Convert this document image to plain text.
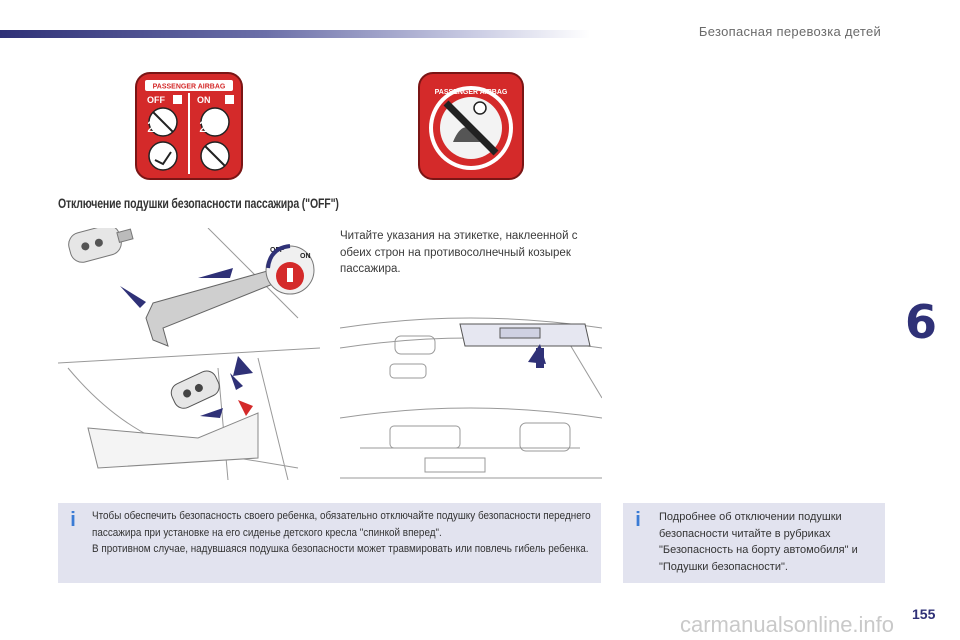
Безопасная перевозка детей
6
PASSENGER AIRBAG
OFF	ON
2	2
PASSENGER AIRBAG
Отключение подушки безопасности пассажира ("OFF")
OFF
ON
Читайте указания на этикетке, наклеенной с обеих строн на противосолнечный козырек пассажира.
i	Чтобы обеспечить безопасность своего ребенка, обязательно отключайте подушку безопасности переднего пассажира при установке на его сиденье детского кресла "спинкой вперед".

В противном случае, надувшаяся подушка безопасности может травмировать или повлечь гибель ребенка.

i	Подробнее об отключении подушки безопасности читайте в рубриках "Безопасность на борту автомобиля" и "Подушки безопасности".
155
carmanualsonline.info
